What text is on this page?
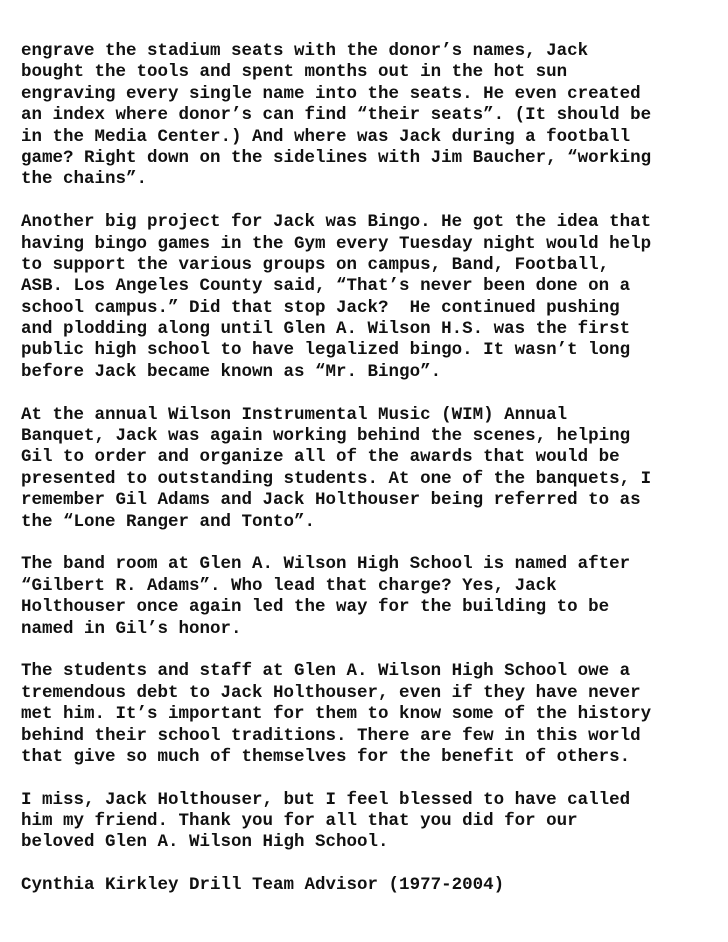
engrave the stadium seats with the donor’s names, Jack
bought the tools and spent months out in the hot sun
engraving every single name into the seats. He even created
an index where donor’s can find “their seats”. (It should be
in the Media Center.) And where was Jack during a football
game? Right down on the sidelines with Jim Baucher, “working
the chains”.
Another big project for Jack was Bingo. He got the idea that
having bingo games in the Gym every Tuesday night would help
to support the various groups on campus, Band, Football,
ASB. Los Angeles County said, “That’s never been done on a
school campus.” Did that stop Jack?  He continued pushing
and plodding along until Glen A. Wilson H.S. was the first
public high school to have legalized bingo. It wasn’t long
before Jack became known as “Mr. Bingo”.
At the annual Wilson Instrumental Music (WIM) Annual
Banquet, Jack was again working behind the scenes, helping
Gil to order and organize all of the awards that would be
presented to outstanding students. At one of the banquets, I
remember Gil Adams and Jack Holthouser being referred to as
the “Lone Ranger and Tonto”.
The band room at Glen A. Wilson High School is named after
“Gilbert R. Adams”. Who lead that charge? Yes, Jack
Holthouser once again led the way for the building to be
named in Gil’s honor.
The students and staff at Glen A. Wilson High School owe a
tremendous debt to Jack Holthouser, even if they have never
met him. It’s important for them to know some of the history
behind their school traditions. There are few in this world
that give so much of themselves for the benefit of others.
I miss, Jack Holthouser, but I feel blessed to have called
him my friend. Thank you for all that you did for our
beloved Glen A. Wilson High School.
Cynthia Kirkley Drill Team Advisor (1977-2004)
